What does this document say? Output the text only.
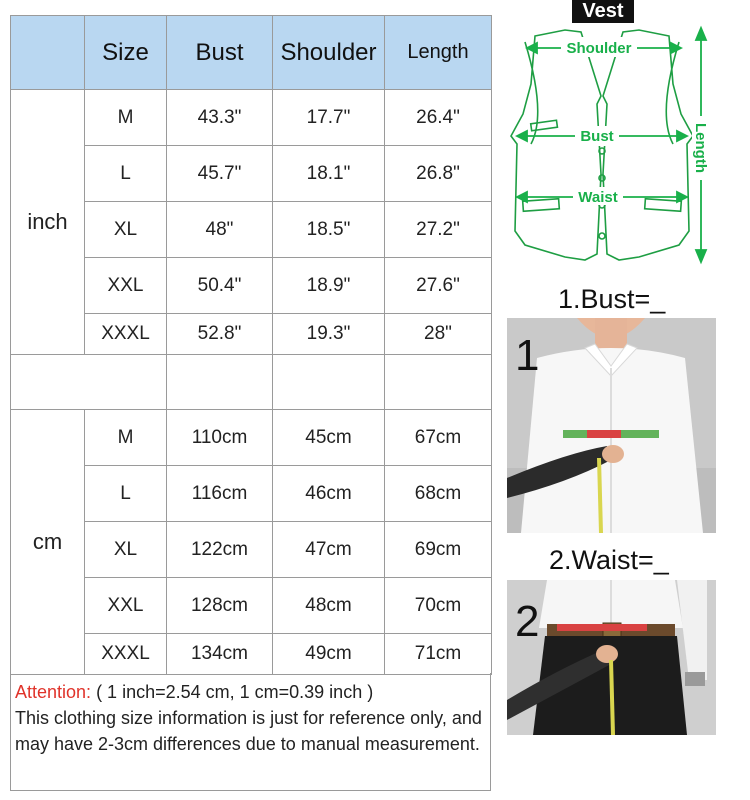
	Size	Bust	Shoulder	Length
inch	M	43.3"	17.7"	26.4"
	L	45.7"	18.1"	26.8"
	XL	48"	18.5"	27.2"
	XXL	50.4"	18.9"	27.6"
	XXXL	52.8"	19.3"	28"

cm	M	110cm	45cm	67cm
	L	116cm	46cm	68cm
	XL	122cm	47cm	69cm
	XXL	128cm	48cm	70cm
	XXXL	134cm	49cm	71cm
Attention: ( 1 inch=2.54 cm, 1 cm=0.39 inch )
This clothing size information is just for reference only, and may have 2-3cm differences due to manual measurement.
Vest
Shoulder
Bust
Waist
Length
1.Bust=_
1
2.Waist=_
2
